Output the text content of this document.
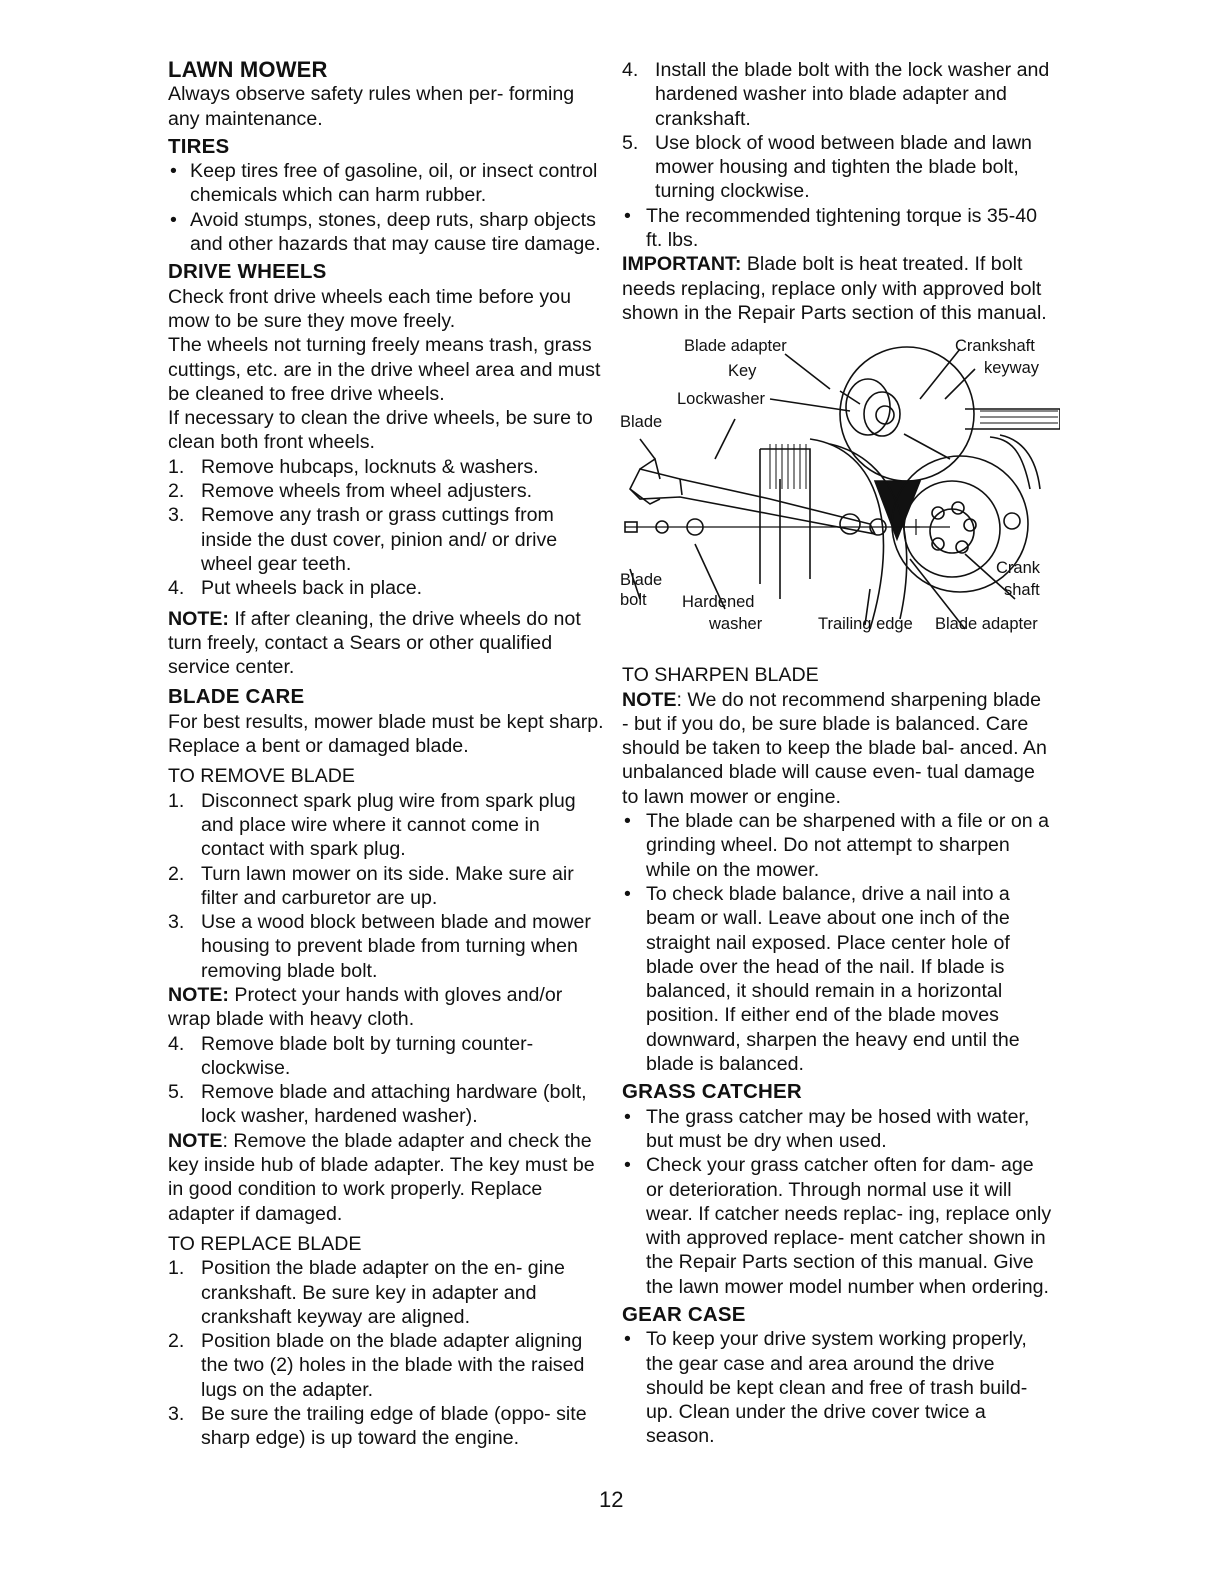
LAWN MOWER

Always observe safety rules when per- forming any maintenance.

TIRES
• Keep tires free of gasoline, oil, or insect control chemicals which can harm rubber.
• Avoid stumps, stones, deep ruts, sharp objects and other hazards that may cause tire damage.
DRIVE WHEELS

Check front drive wheels each time before you mow to be sure they move freely.

The wheels not turning freely means trash, grass cuttings, etc. are in the drive wheel area and must be cleaned to free drive wheels.

If necessary to clean the drive wheels, be sure to clean both front wheels.

1. Remove hubcaps, locknuts & washers.
2. Remove wheels from wheel adjusters.
3. Remove any trash or grass cuttings from inside the dust cover, pinion and/ or drive wheel gear teeth.
4. Put wheels back in place.

NOTE: If after cleaning, the drive wheels do not turn freely, contact a Sears or other qualified service center.

BLADE CARE

For best results, mower blade must be kept sharp. Replace a bent or damaged blade.

TO REMOVE BLADE

1. Disconnect spark plug wire from spark plug and place wire where it cannot come in contact with spark plug.
2. Turn lawn mower on its side. Make sure air filter and carburetor are up.
3. Use a wood block between blade and mower housing to prevent blade from turning when removing blade bolt.

NOTE: Protect your hands with gloves and/or wrap blade with heavy cloth.

4. Remove blade bolt by turning counter- clockwise.
5. Remove blade and attaching hardware (bolt, lock washer, hardened washer).

NOTE: Remove the blade adapter and check the key inside hub of blade adapter. The key must be in good condition to work properly. Replace adapter if damaged.

TO REPLACE BLADE

1. Position the blade adapter on the en- gine crankshaft. Be sure key in adapter and crankshaft keyway are aligned.
2. Position blade on the blade adapter aligning the two (2) holes in the blade with the raised lugs on the adapter.
3. Be sure the trailing edge of blade (oppo- site sharp edge) is up toward the engine.
4. Install the blade bolt with the lock washer and hardened washer into blade adapter and crankshaft.
5. Use block of wood between blade and lawn mower housing and tighten the blade bolt, turning clockwise.
• The recommended tightening torque is 35-40 ft. lbs.

IMPORTANT: Blade bolt is heat treated. If bolt needs replacing, replace only with approved bolt shown in the Repair Parts section of this manual.

Blade adapter	Crankshaft
keyway
Key
Lockwasher
Blade
Blade
bolt Hardened
washer	Trailing edge Blade adapter
Crank
shaft

TO SHARPEN BLADE

NOTE: We do not recommend sharpening blade - but if you do, be sure blade is balanced. Care should be taken to keep the blade bal- anced. An unbalanced blade will cause even- tual damage to lawn mower or engine.

• The blade can be sharpened with a file or on a grinding wheel. Do not attempt to sharpen while on the mower.
• To check blade balance, drive a nail into a beam or wall. Leave about one inch of the straight nail exposed. Place center hole of blade over the head of the nail. If blade is balanced, it should remain in a horizontal position. If either end of the blade moves downward, sharpen the heavy end until the blade is balanced.
GRASS CATCHER
• The grass catcher may be hosed with water, but must be dry when used.
• Check your grass catcher often for dam- age or deterioration. Through normal use it will wear. If catcher needs replac- ing, replace only with approved replace- ment catcher shown in the Repair Parts section of this manual. Give the lawn mower model number when ordering.
GEAR CASE
• To keep your drive system working properly, the gear case and area around the drive should be kept clean and free of trash build-up. Clean under the drive cover twice a season.
12
